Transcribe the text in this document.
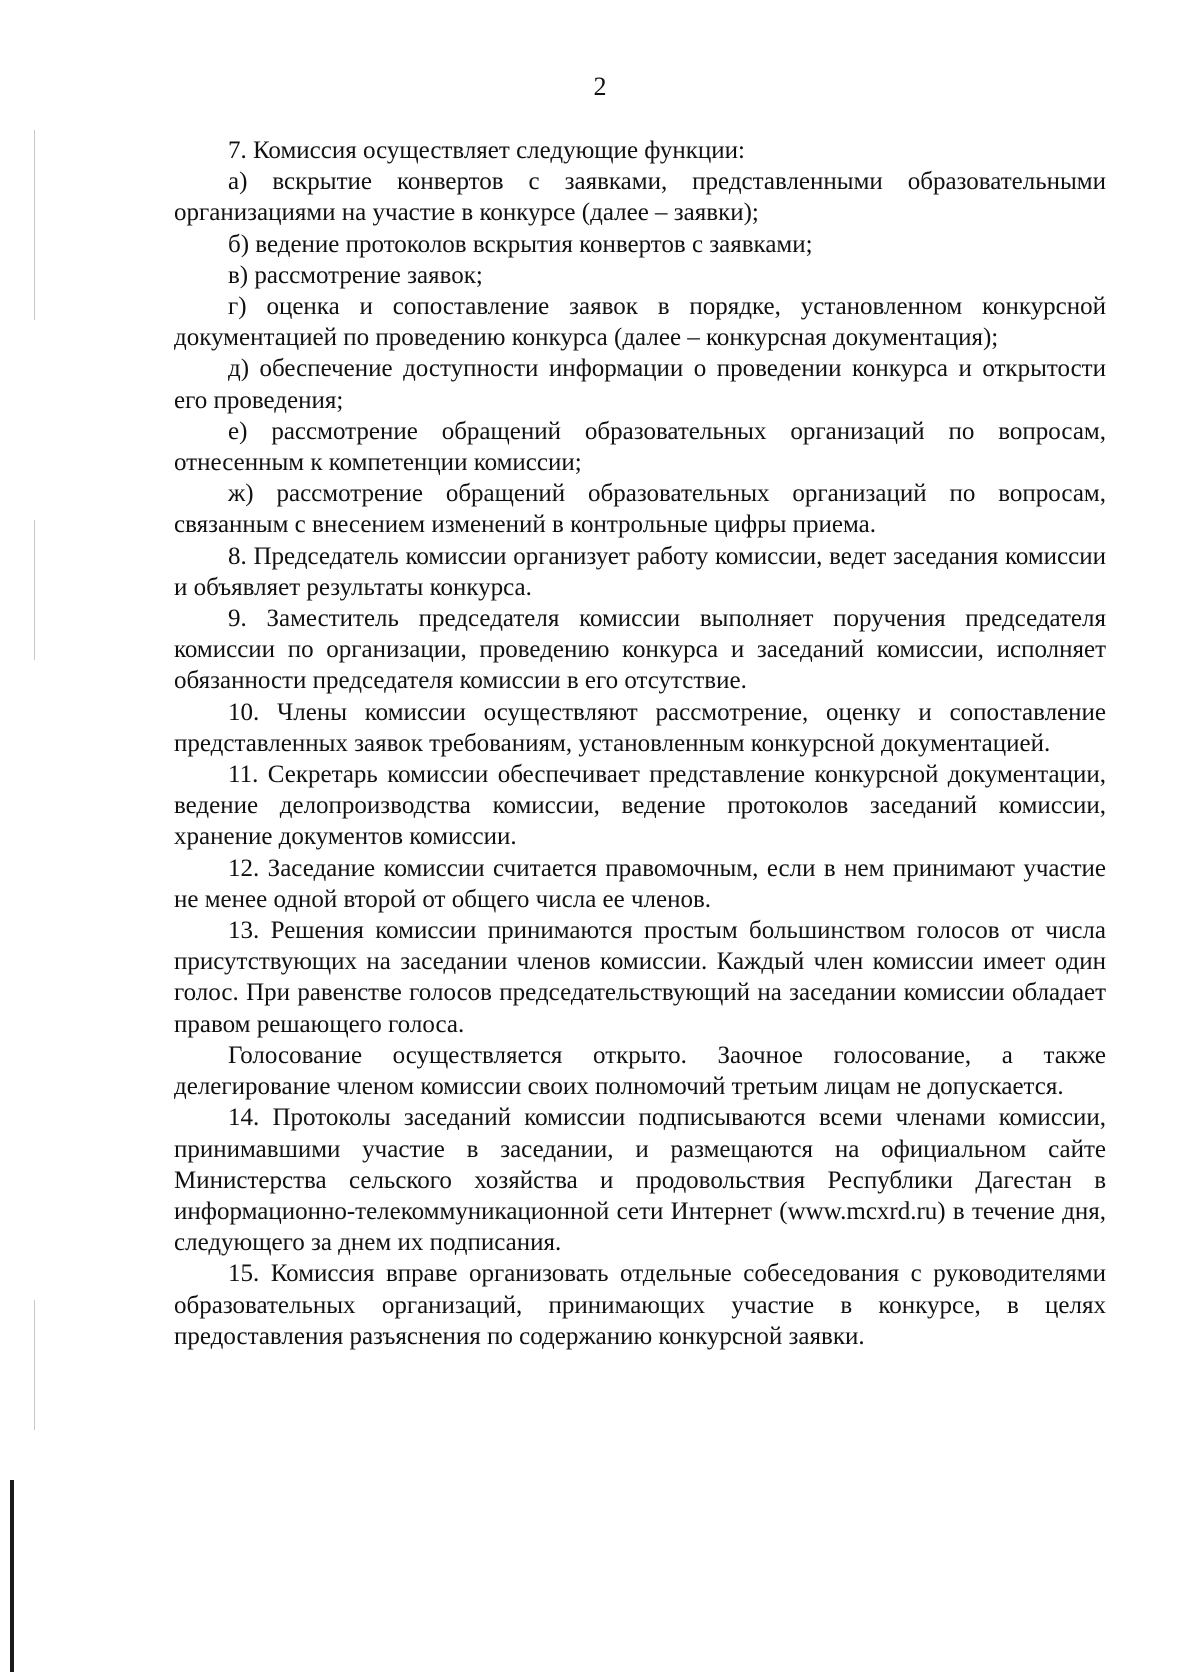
2

7. Комиссия осуществляет следующие функции:

а) вскрытие конвертов с заявками, представленными образовательными организациями на участие в конкурсе (далее – заявки);

б) ведение протоколов вскрытия конвертов с заявками;

в) рассмотрение заявок;

г) оценка и сопоставление заявок в порядке, установленном конкурсной документацией по проведению конкурса (далее – конкурсная документация);

д) обеспечение доступности информации о проведении конкурса и открытости его проведения;

е) рассмотрение обращений образовательных организаций по вопросам, отнесенным к компетенции комиссии;

ж) рассмотрение обращений образовательных организаций по вопросам, связанным с внесением изменений в контрольные цифры приема.

8. Председатель комиссии организует работу комиссии, ведет заседания комиссии и объявляет результаты конкурса.

9. Заместитель председателя комиссии выполняет поручения председателя комиссии по организации, проведению конкурса и заседаний комиссии, исполняет обязанности председателя комиссии в его отсутствие.

10. Члены комиссии осуществляют рассмотрение, оценку и сопоставление представленных заявок требованиям, установленным конкурсной документацией.

11. Секретарь комиссии обеспечивает представление конкурсной документации, ведение делопроизводства комиссии, ведение протоколов заседаний комиссии, хранение документов комиссии.

12. Заседание комиссии считается правомочным, если в нем принимают участие не менее одной второй от общего числа ее членов.

13. Решения комиссии принимаются простым большинством голосов от числа присутствующих на заседании членов комиссии. Каждый член комиссии имеет один голос. При равенстве голосов председательствующий на заседании комиссии обладает правом решающего голоса.

Голосование осуществляется открыто. Заочное голосование, а также делегирование членом комиссии своих полномочий третьим лицам не допускается.

14. Протоколы заседаний комиссии подписываются всеми членами комиссии, принимавшими участие в заседании, и размещаются на официальном сайте Министерства сельского хозяйства и продовольствия Республики Дагестан в информационно-телекоммуникационной сети Интернет (www.mcxrd.ru) в течение дня, следующего за днем их подписания.

15. Комиссия вправе организовать отдельные собеседования с руководителями образовательных организаций, принимающих участие в конкурсе, в целях предоставления разъяснения по содержанию конкурсной заявки.
